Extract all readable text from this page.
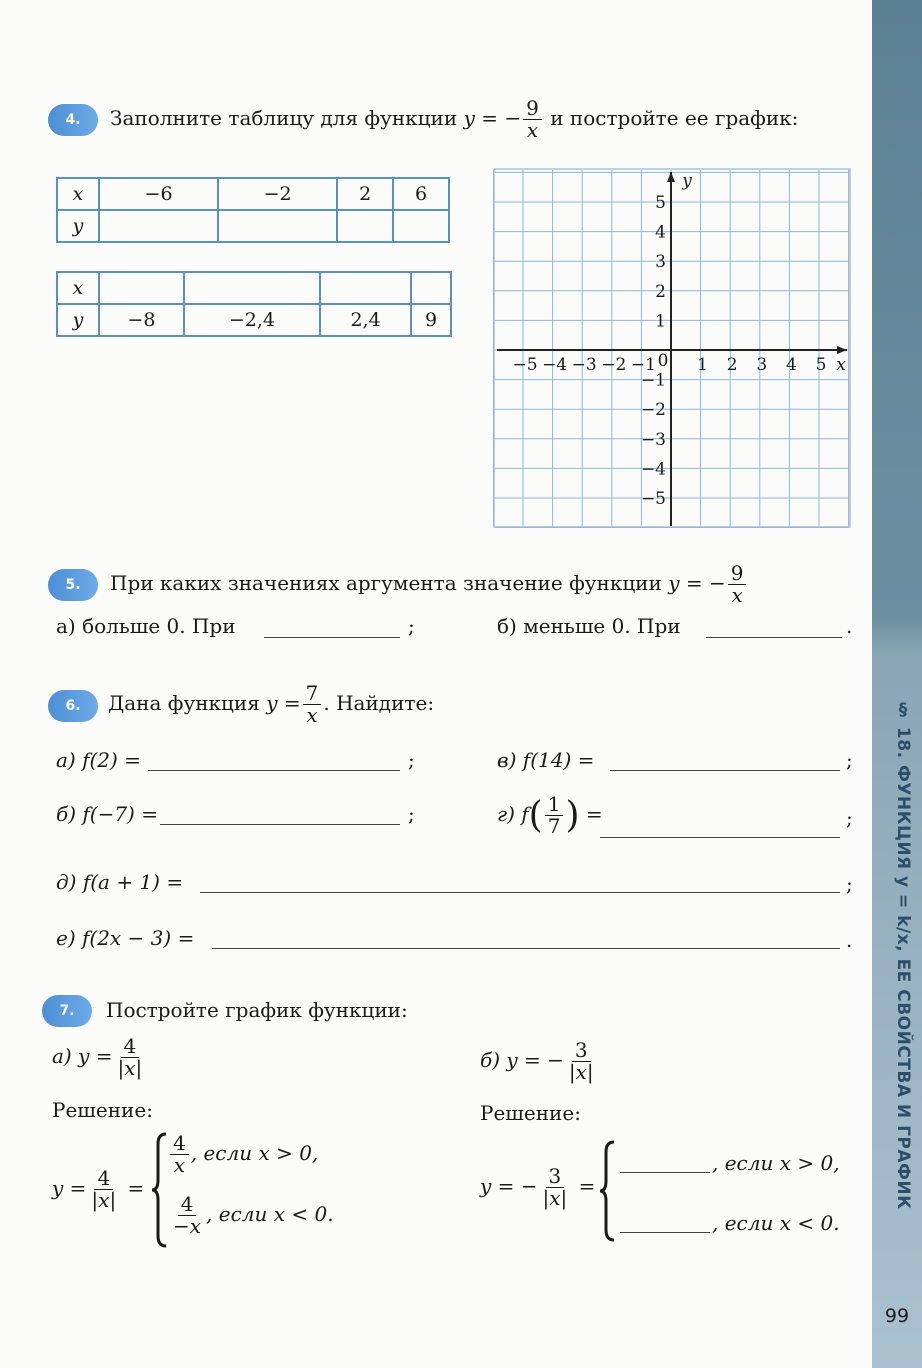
§ 18. ФУНКЦИЯ y = k/x, ЕЕ СВОЙСТВА И ГРАФИК
99
4.	Заполните таблицу для функции y = − $\frac{9}{x}$ и постройте ее график:
x	−6	−2	2	6
y				
x				
y	−8	−2,4	2,4	9
−5 −4 −3 −2 −1 1 2 3 4 5
5
4
3
2
1
−1
−2
−3
−4
−5
0	x
y
5.	При каких значениях аргумента значение функции y = − $\frac{9}{x}$
а) больше 0. При	;	б) меньше 0. При	.
6.	Дана функция $y = \frac{7}{x}$ . Найдите:
а) f(2) =	;	в) f(14) =	;
б) f(−7) =	;	г) $f( \frac{1}{7}$ ) =	;
д) f(a + 1) =	;
е) f(2x − 3) =	.
7.	Постройте график функции:
а) $y = \frac{4}{|x|}$	б) y = − $\frac{3}{|x|}$
Решение:	Решение:
$y = \frac{4}{|x|}$ =
$\frac{4}{x}$ , если x > 0,
$\frac{4}{-x}$ , если x < 0.
y = − $\frac{3}{|x|}$ =
, если x > 0,
, если x < 0.
